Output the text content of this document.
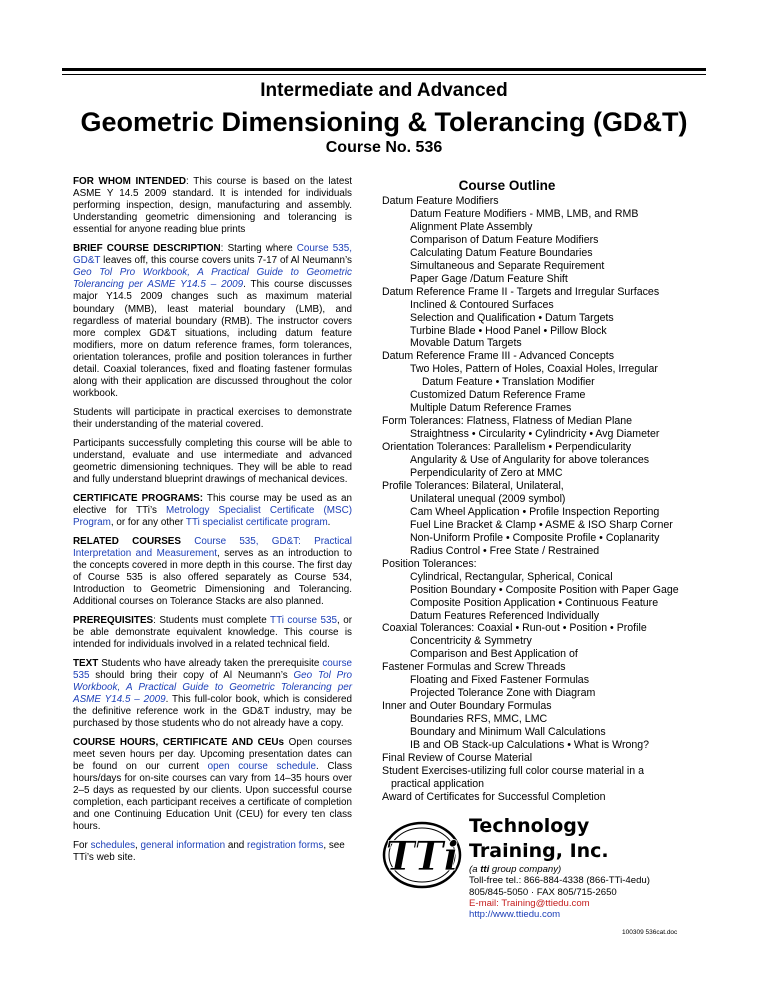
Intermediate and Advanced
Geometric Dimensioning & Tolerancing (GD&T)
Course No. 536

FOR WHOM INTENDED: This course is based on the latest ASME Y 14.5 2009 standard. It is intended for individuals performing inspection, design, manufacturing and assembly. Understanding geometric dimensioning and tolerancing is essential for anyone reading blue prints

BRIEF COURSE DESCRIPTION: Starting where Course 535, GD&T leaves off, this course covers units 7-17 of Al Neumann’s Geo Tol Pro Workbook, A Practical Guide to Geometric Tolerancing per ASME Y14.5 – 2009. This course discusses major Y14.5 2009 changes such as maximum material boundary (MMB), least material boundary (LMB), and regardless of material boundary (RMB). The instructor covers more complex GD&T situations, including datum feature modifiers, more on datum reference frames, form tolerances, orientation tolerances, profile and position tolerances in further detail. Coaxial tolerances, fixed and floating fastener formulas along with their application are discussed throughout the color workbook.

Students will participate in practical exercises to demonstrate their understanding of the material covered.

Participants successfully completing this course will be able to understand, evaluate and use intermediate and advanced geometric dimensioning techniques. They will be able to read and fully understand blueprint drawings of mechanical devices.

CERTIFICATE PROGRAMS: This course may be used as an elective for TTi’s Metrology Specialist Certificate (MSC) Program, or for any other TTi specialist certificate program.

RELATED COURSES Course 535, GD&T: Practical Interpretation and Measurement, serves as an introduction to the concepts covered in more depth in this course. The first day of Course 535 is also offered separately as Course 534, Introduction to Geometric Dimensioning and Tolerancing. Additional courses on Tolerance Stacks are also planned.

PREREQUISITES: Students must complete TTi course 535, or be able demonstrate equivalent knowledge. This course is intended for individuals involved in a related technical field.

TEXT Students who have already taken the prerequisite course 535 should bring their copy of Al Neumann’s Geo Tol Pro Workbook, A Practical Guide to Geometric Tolerancing per ASME Y14.5 – 2009. This full-color book, which is considered the definitive reference work in the GD&T industry, may be purchased by those students who do not already have a copy.

COURSE HOURS, CERTIFICATE AND CEUs Open courses meet seven hours per day. Upcoming presentation dates can be found on our current open course schedule. Class hours/days for on-site courses can vary from 14–35 hours over 2–5 days as requested by our clients. Upon successful course completion, each participant receives a certificate of completion and one Continuing Education Unit (CEU) for every ten class hours.

For schedules, general information and registration forms, see TTi’s web site.

Course Outline
Datum Feature Modifiers
Datum Feature Modifiers - MMB, LMB, and RMB
Alignment Plate Assembly
Comparison of Datum Feature Modifiers
Calculating Datum Feature Boundaries
Simultaneous and Separate Requirement
Paper Gage /Datum Feature Shift
Datum Reference Frame II - Targets and Irregular Surfaces
Inclined & Contoured Surfaces
Selection and Qualification • Datum Targets
Turbine Blade • Hood Panel • Pillow Block
Movable Datum Targets
Datum Reference Frame III - Advanced Concepts
Two Holes, Pattern of Holes, Coaxial Holes, Irregular
Datum Feature • Translation Modifier
Customized Datum Reference Frame
Multiple Datum Reference Frames
Form Tolerances: Flatness, Flatness of Median Plane
Straightness • Circularity • Cylindricity • Avg Diameter
Orientation Tolerances: Parallelism • Perpendicularity
Angularity & Use of Angularity for above tolerances
Perpendicularity of Zero at MMC
Profile Tolerances: Bilateral, Unilateral,
Unilateral unequal (2009 symbol)
Cam Wheel Application • Profile Inspection Reporting
Fuel Line Bracket & Clamp • ASME & ISO Sharp Corner
Non-Uniform Profile • Composite Profile • Coplanarity
Radius Control • Free State / Restrained
Position Tolerances:
Cylindrical, Rectangular, Spherical, Conical
Position Boundary • Composite Position with Paper Gage
Composite Position Application • Continuous Feature
Datum Features Referenced Individually
Coaxial Tolerances: Coaxial • Run-out • Position • Profile
Concentricity & Symmetry
Comparison and Best Application of
Fastener Formulas and Screw Threads
Floating and Fixed Fastener Formulas
Projected Tolerance Zone with Diagram
Inner and Outer Boundary Formulas
Boundaries RFS, MMC, LMC
Boundary and Minimum Wall Calculations
IB and OB Stack-up Calculations • What is Wrong?
Final Review of Course Material
Student Exercises-utilizing full color course material in a
practical application
Award of Certificates for Successful Completion
TTi
Technology
Training, Inc.
(a tti group company)
Toll-free tel.: 866-884-4338 (866-TTi-4edu)
805/845-5050 · FAX 805/715-2650
E-mail: Training@ttiedu.com
http://www.ttiedu.com
100309 536cat.doc
